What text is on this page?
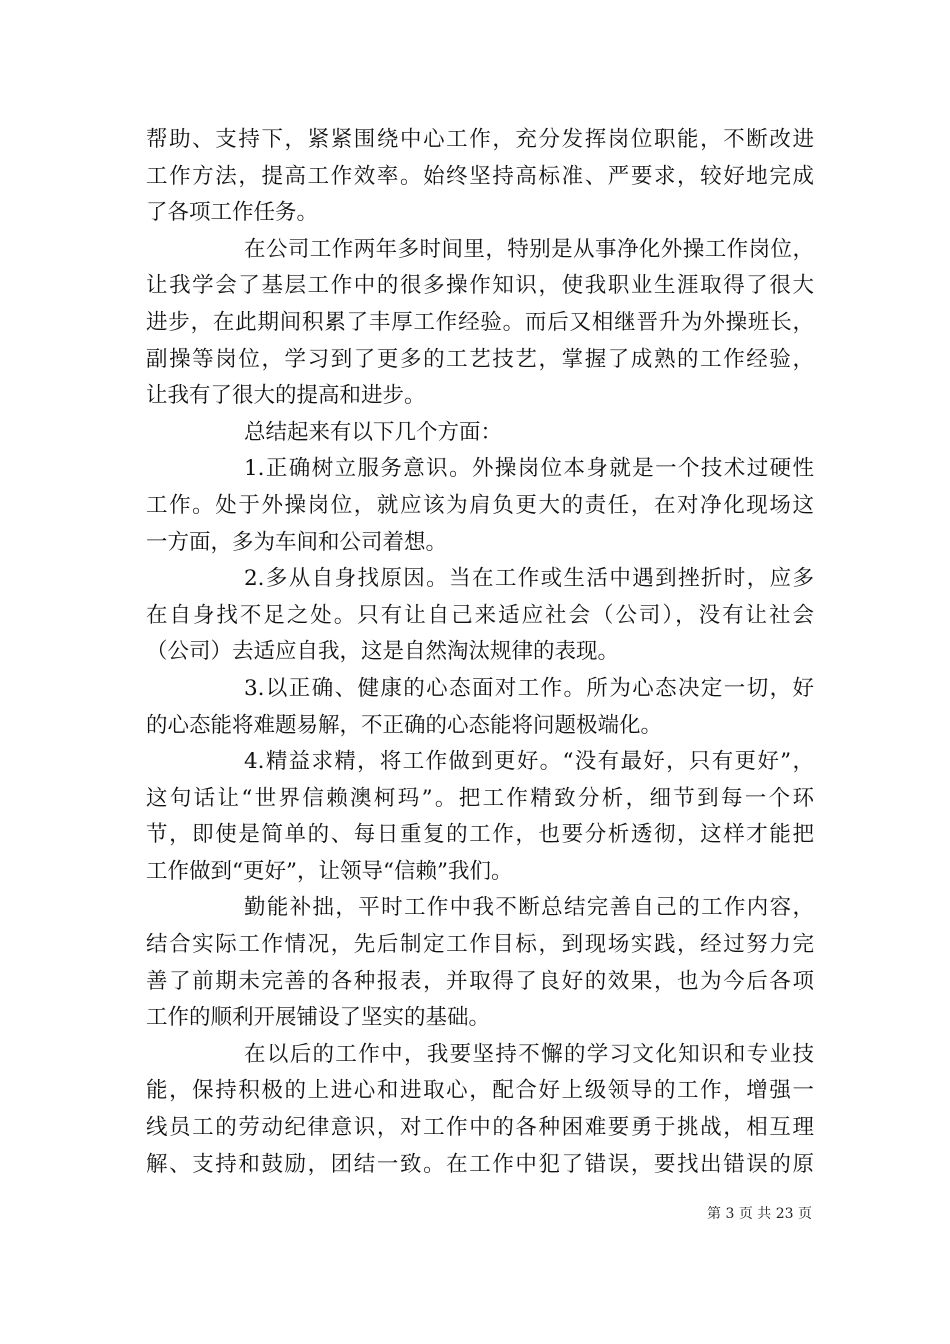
帮助、支持下，紧紧围绕中心工作，充分发挥岗位职能，不断改进
工作方法，提高工作效率。始终坚持高标准、严要求，较好地完成
了各项工作任务。
在公司工作两年多时间里，特别是从事净化外操工作岗位，
让我学会了基层工作中的很多操作知识，使我职业生涯取得了很大
进步，在此期间积累了丰厚工作经验。而后又相继晋升为外操班长，
副操等岗位，学习到了更多的工艺技艺，掌握了成熟的工作经验，
让我有了很大的提高和进步。
总结起来有以下几个方面：
1.正确树立服务意识。外操岗位本身就是一个技术过硬性
工作。处于外操岗位，就应该为肩负更大的责任，在对净化现场这
一方面，多为车间和公司着想。
2.多从自身找原因。当在工作或生活中遇到挫折时，应多
在自身找不足之处。只有让自己来适应社会（公司），没有让社会
（公司）去适应自我，这是自然淘汰规律的表现。
3.以正确、健康的心态面对工作。所为心态决定一切，好
的心态能将难题易解，不正确的心态能将问题极端化。
4.精益求精，将工作做到更好。“没有最好，只有更好”，
这句话让“世界信赖澳柯玛”。把工作精致分析，细节到每一个环
节，即使是简单的、每日重复的工作，也要分析透彻，这样才能把
工作做到“更好”，让领导“信赖”我们。
勤能补拙，平时工作中我不断总结完善自己的工作内容，
结合实际工作情况，先后制定工作目标，到现场实践，经过努力完
善了前期未完善的各种报表，并取得了良好的效果，也为今后各项
工作的顺利开展铺设了坚实的基础。
在以后的工作中，我要坚持不懈的学习文化知识和专业技
能，保持积极的上进心和进取心，配合好上级领导的工作，增强一
线员工的劳动纪律意识，对工作中的各种困难要勇于挑战，相互理
解、支持和鼓励，团结一致。在工作中犯了错误，要找出错误的原
第 3 页 共 23 页
